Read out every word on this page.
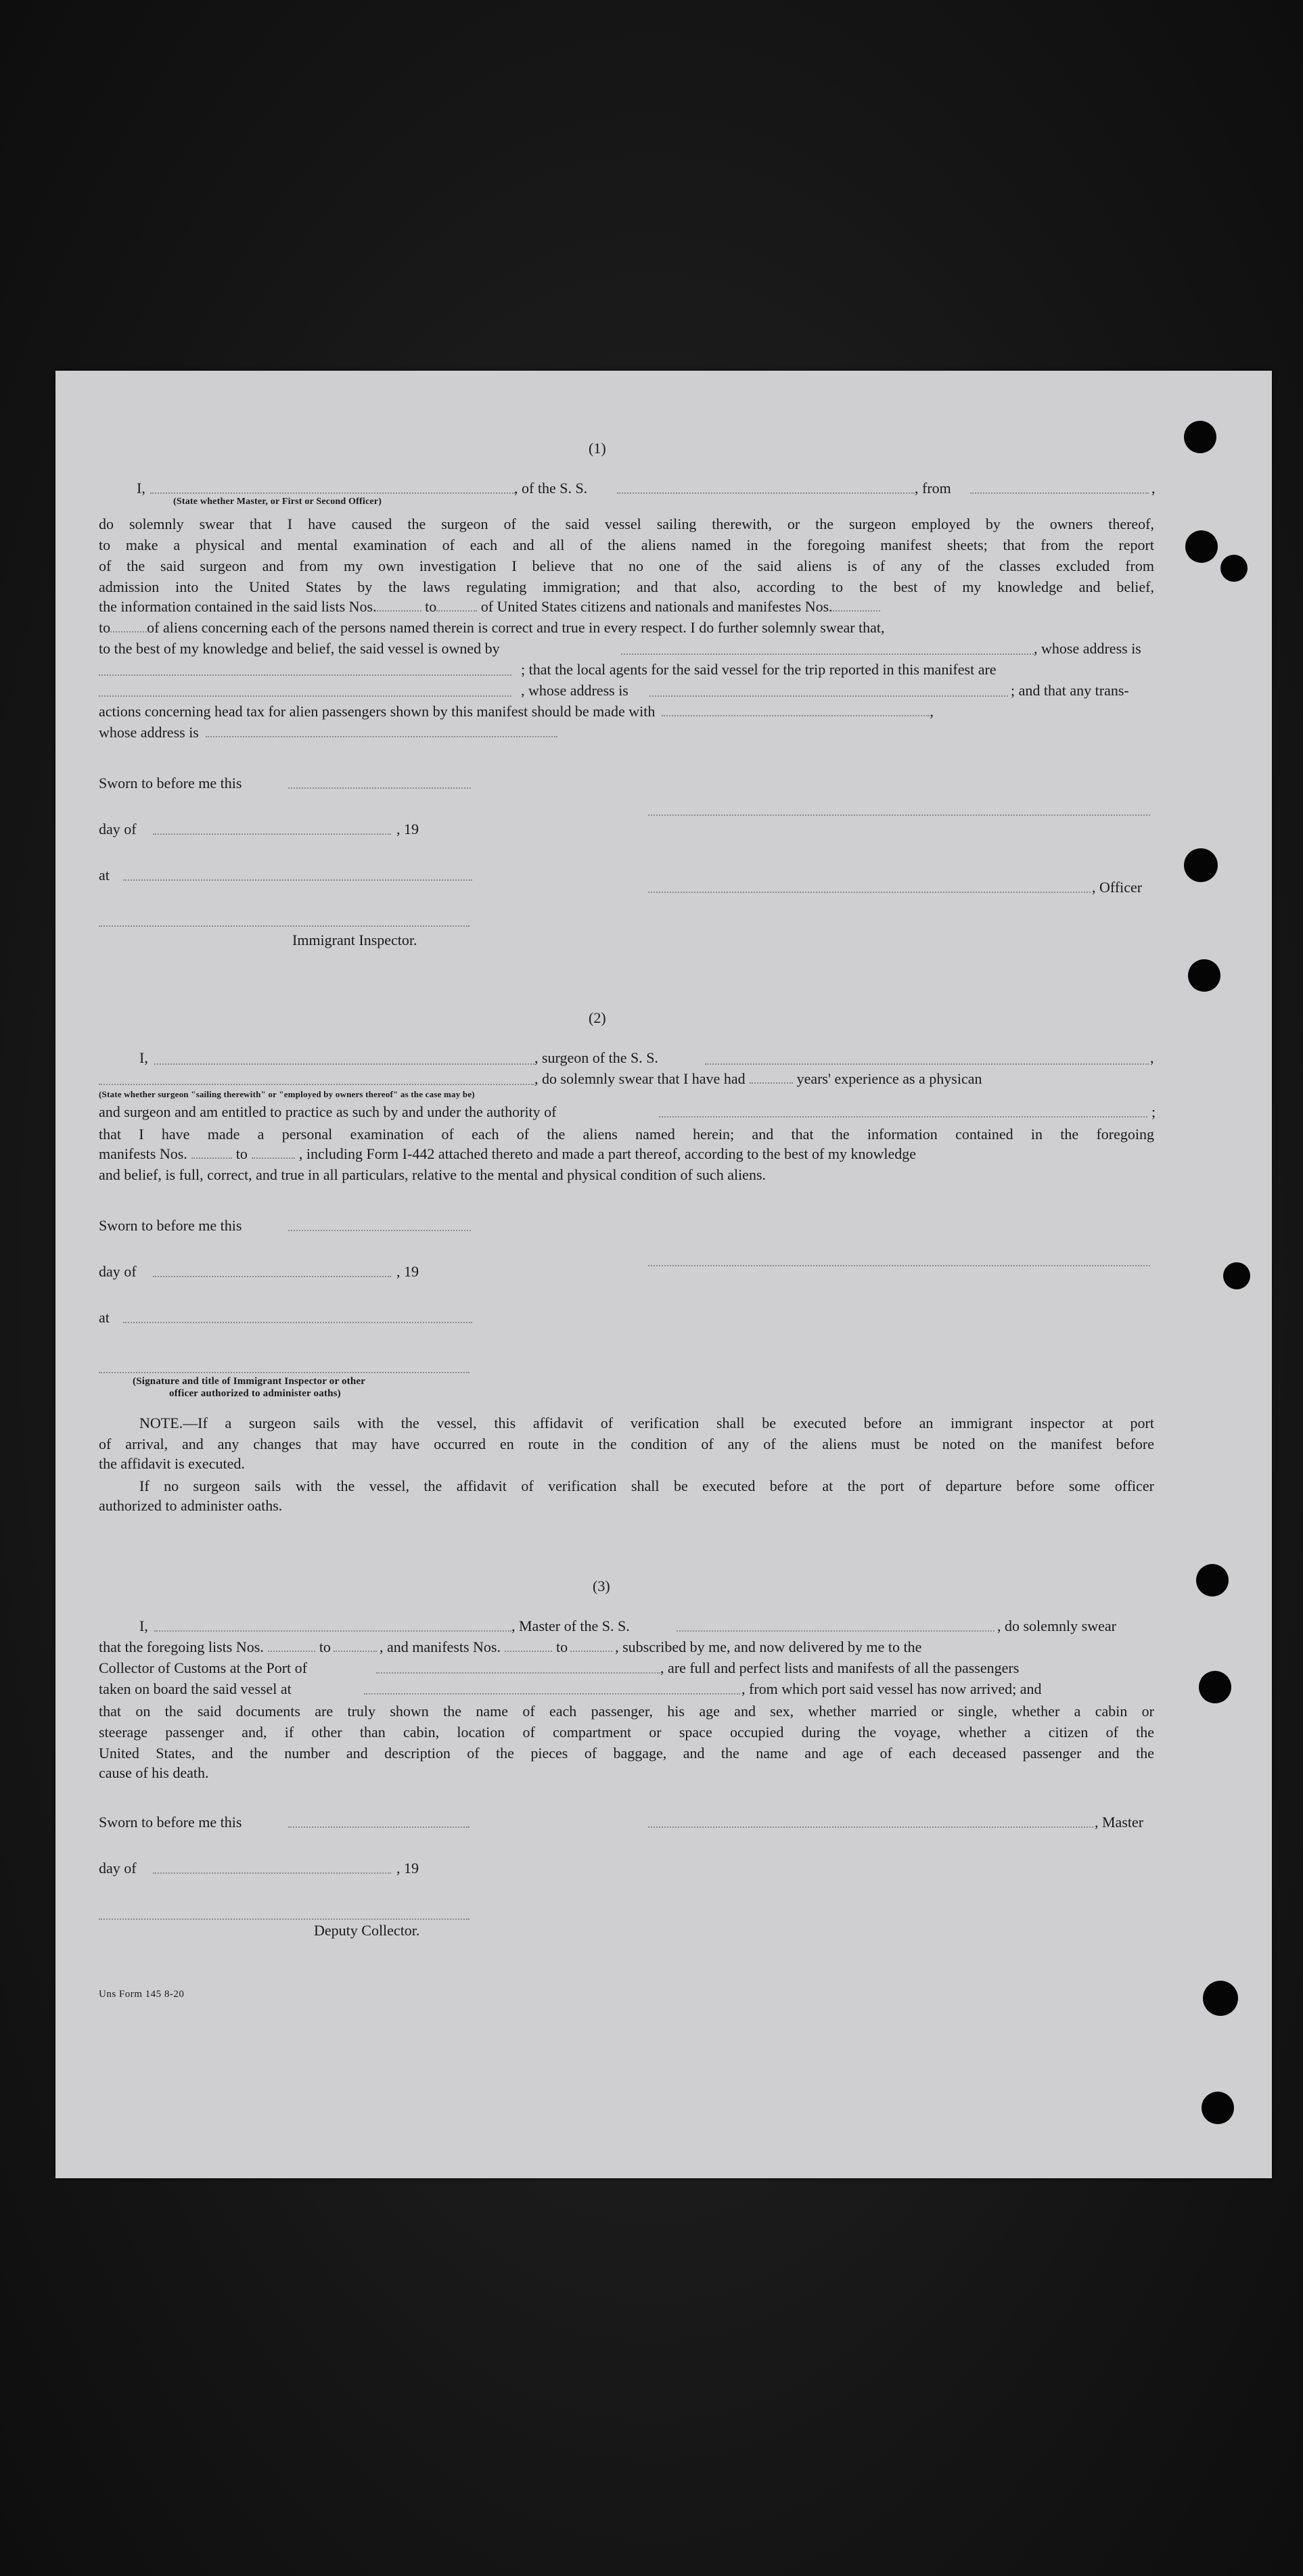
(1)
I,
(State whether Master, or First or Second Officer)
, of the S. S.	, from	,
do solemnly swear that I have caused the surgeon of the said vessel sailing therewith, or the surgeon employed by the owners thereof,
to make a physical and mental examination of each and all of the aliens named in the foregoing manifest sheets; that from the report
of the said surgeon and from my own investigation I believe that no one of the said aliens is of any of the classes excluded from
admission into the United States by the laws regulating immigration; and that also, according to the best of my knowledge and belief,
the information contained in the said lists Nos.	to	of United States citizens and nationals and manifestes Nos.
to of aliens concerning each of the persons named therein is correct and true in every respect. I do further solemnly swear that,
to the best of my knowledge and belief, the said vessel is owned by	, whose address is
; that the local agents for the said vessel for the trip reported in this manifest are
, whose address is	; and that any trans-
actions concerning head tax for alien passengers shown by this manifest should be made with	,
whose address is
Sworn to before me this
day of	, 19
at
, Officer
Immigrant Inspector.
(2)
I,	, surgeon of the S. S.	,
, do solemnly swear that I have had	years' experience as a physican
(State whether surgeon "sailing therewith" or "employed by owners thereof" as the case may be)
and surgeon and am entitled to practice as such by and under the authority of	;
that I have made a personal examination of each of the aliens named herein; and that the information contained in the foregoing
manifests Nos.	to	, including Form I-442 attached thereto and made a part thereof, according to the best of my knowledge
and belief, is full, correct, and true in all particulars, relative to the mental and physical condition of such aliens.
Sworn to before me this
day of	, 19
at
(Signature and title of Immigrant Inspector or other
officer authorized to administer oaths)
NOTE.—If a surgeon sails with the vessel, this affidavit of verification shall be executed before an immigrant inspector at port
of arrival, and any changes that may have occurred en route in the condition of any of the aliens must be noted on the manifest before
the affidavit is executed.
If no surgeon sails with the vessel, the affidavit of verification shall be executed before at the port of departure before some officer
authorized to administer oaths.
(3)
I,	, Master of the S. S.	, do solemnly swear
that the foregoing lists Nos.	to	, and manifests Nos.	to	, subscribed by me, and now delivered by me to the
Collector of Customs at the Port of	, are full and perfect lists and manifests of all the passengers
taken on board the said vessel at	, from which port said vessel has now arrived; and
that on the said documents are truly shown the name of each passenger, his age and sex, whether married or single, whether a cabin or
steerage passenger and, if other than cabin, location of compartment or space occupied during the voyage, whether a citizen of the
United States, and the number and description of the pieces of baggage, and the name and age of each deceased passenger and the
cause of his death.
Sworn to before me this	, Master
day of	, 19
Deputy Collector.
Uns Form 145 8-20
